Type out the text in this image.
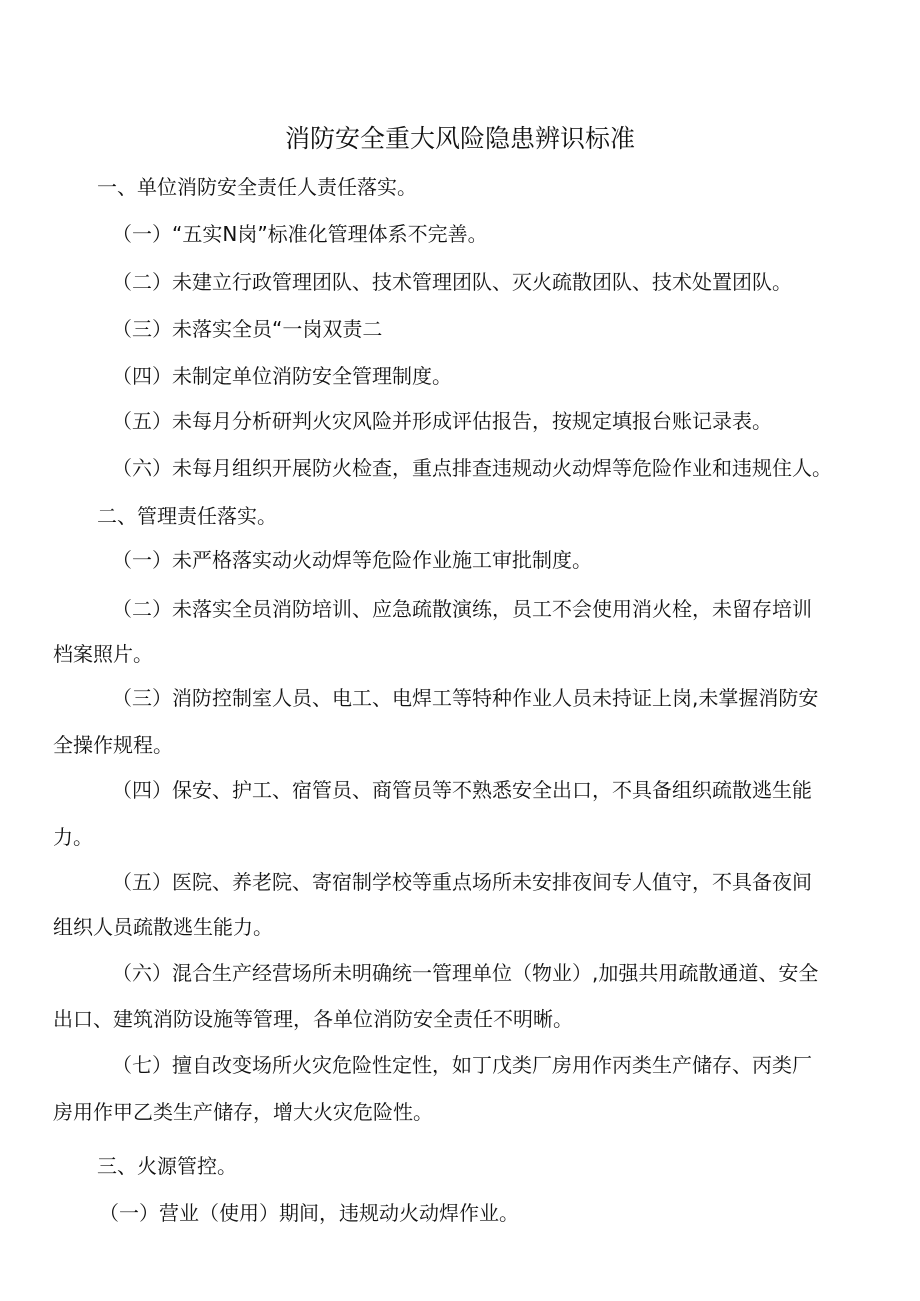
消防安全重大风险隐患辨识标准
一、单位消防安全责任人责任落实。
（一）“五实N岗”标准化管理体系不完善。
（二）未建立行政管理团队、技术管理团队、灭火疏散团队、技术处置团队。
（三）未落实全员“一岗双责二
（四）未制定单位消防安全管理制度。
（五）未每月分析研判火灾风险并形成评估报告，按规定填报台账记录表。
（六）未每月组织开展防火检查，重点排查违规动火动焊等危险作业和违规住人。
二、管理责任落实。
（一）未严格落实动火动焊等危险作业施工审批制度。
（二）未落实全员消防培训、应急疏散演练，员工不会使用消火栓，未留存培训
档案照片。
（三）消防控制室人员、电工、电焊工等特种作业人员未持证上岗,未掌握消防安
全操作规程。
（四）保安、护工、宿管员、商管员等不熟悉安全出口，不具备组织疏散逃生能
力。
（五）医院、养老院、寄宿制学校等重点场所未安排夜间专人值守，不具备夜间
组织人员疏散逃生能力。
（六）混合生产经营场所未明确统一管理单位（物业）,加强共用疏散通道、安全
出口、建筑消防设施等管理，各单位消防安全责任不明晰。
（七）擅自改变场所火灾危险性定性，如丁戊类厂房用作丙类生产储存、丙类厂
房用作甲乙类生产储存，增大火灾危险性。
三、火源管控。
（一）营业（使用）期间，违规动火动焊作业。
